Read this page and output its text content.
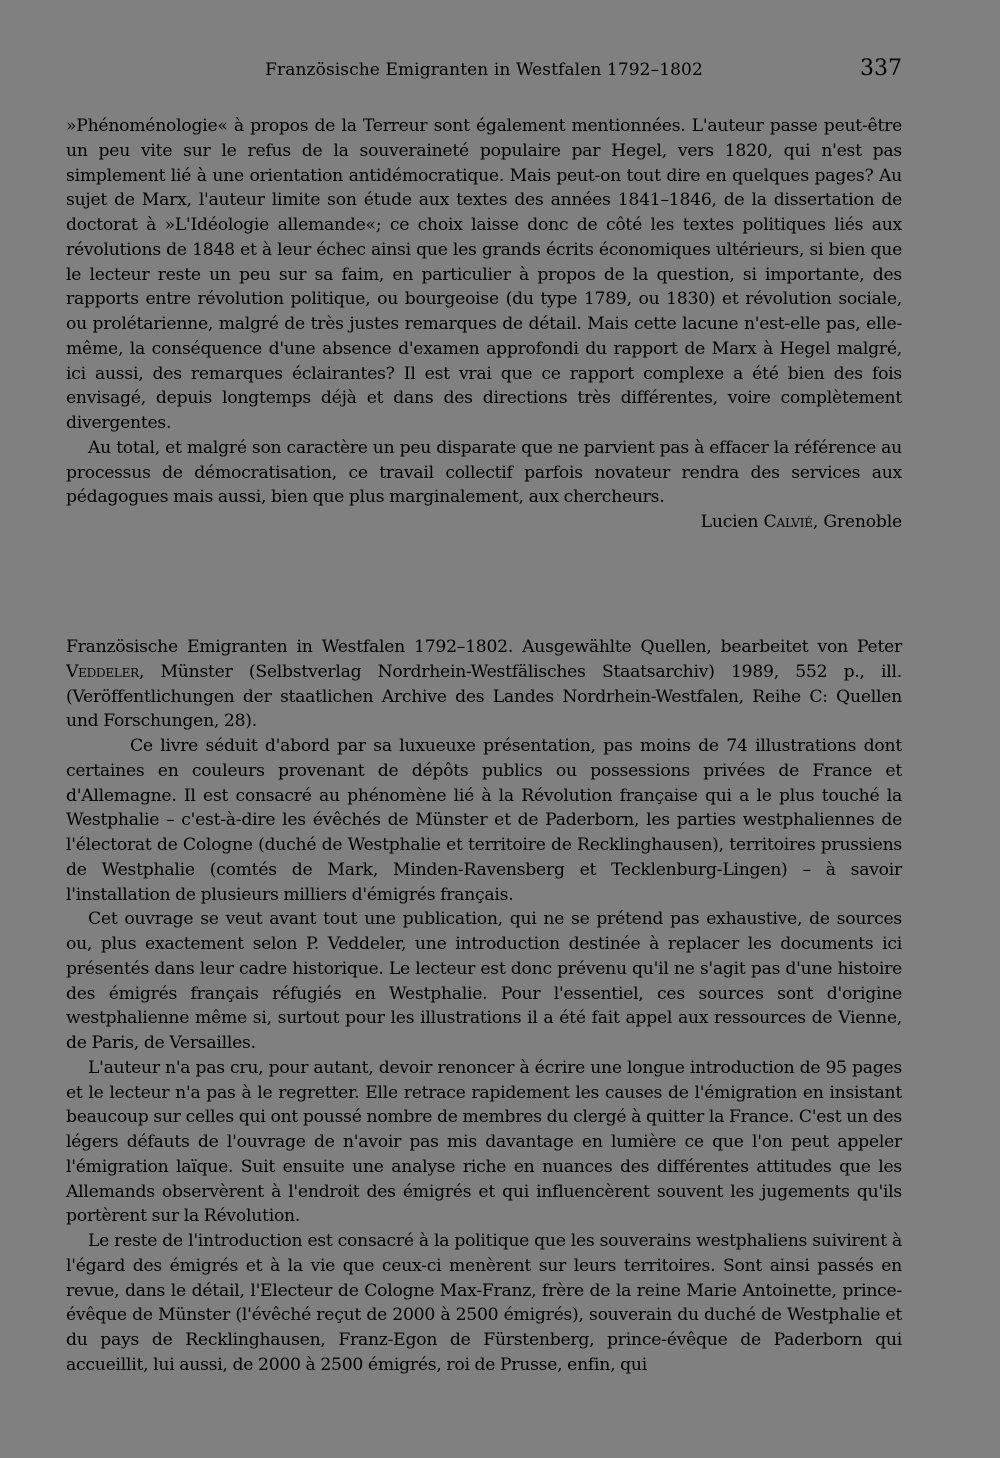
Französische Emigranten in Westfalen 1792–1802	337

»Phénoménologie« à propos de la Terreur sont également mentionnées. L'auteur passe peut-être un peu vite sur le refus de la souveraineté populaire par Hegel, vers 1820, qui n'est pas simplement lié à une orientation antidémocratique. Mais peut-on tout dire en quelques pages? Au sujet de Marx, l'auteur limite son étude aux textes des années 1841–1846, de la dissertation de doctorat à »L'Idéologie allemande«; ce choix laisse donc de côté les textes politiques liés aux révolutions de 1848 et à leur échec ainsi que les grands écrits économiques ultérieurs, si bien que le lecteur reste un peu sur sa faim, en particulier à propos de la question, si importante, des rapports entre révolution politique, ou bourgeoise (du type 1789, ou 1830) et révolution sociale, ou prolétarienne, malgré de très justes remarques de détail. Mais cette lacune n'est-elle pas, elle-même, la conséquence d'une absence d'examen approfondi du rapport de Marx à Hegel malgré, ici aussi, des remarques éclairantes? Il est vrai que ce rapport complexe a été bien des fois envisagé, depuis longtemps déjà et dans des directions très différentes, voire complètement divergentes.

Au total, et malgré son caractère un peu disparate que ne parvient pas à effacer la référence au processus de démocratisation, ce travail collectif parfois novateur rendra des services aux pédagogues mais aussi, bien que plus marginalement, aux chercheurs.

Lucien Calvié, Grenoble

Französische Emigranten in Westfalen 1792–1802. Ausgewählte Quellen, bearbeitet von Peter Veddeler, Münster (Selbstverlag Nordrhein-Westfälisches Staatsarchiv) 1989, 552 p., ill. (Veröffentlichungen der staatlichen Archive des Landes Nordrhein-Westfalen, Reihe C: Quellen und Forschungen, 28).

Ce livre séduit d'abord par sa luxueuxe présentation, pas moins de 74 illustrations dont certaines en couleurs provenant de dépôts publics ou possessions privées de France et d'Allemagne. Il est consacré au phénomène lié à la Révolution française qui a le plus touché la Westphalie – c'est-à-dire les évêchés de Münster et de Paderborn, les parties westphaliennes de l'électorat de Cologne (duché de Westphalie et territoire de Recklinghausen), territoires prussiens de Westphalie (comtés de Mark, Minden-Ravensberg et Tecklenburg-Lingen) – à savoir l'installation de plusieurs milliers d'émigrés français.

Cet ouvrage se veut avant tout une publication, qui ne se prétend pas exhaustive, de sources ou, plus exactement selon P. Veddeler, une introduction destinée à replacer les documents ici présentés dans leur cadre historique. Le lecteur est donc prévenu qu'il ne s'agit pas d'une histoire des émigrés français réfugiés en Westphalie. Pour l'essentiel, ces sources sont d'origine westphalienne même si, surtout pour les illustrations il a été fait appel aux ressources de Vienne, de Paris, de Versailles.

L'auteur n'a pas cru, pour autant, devoir renoncer à écrire une longue introduction de 95 pages et le lecteur n'a pas à le regretter. Elle retrace rapidement les causes de l'émigration en insistant beaucoup sur celles qui ont poussé nombre de membres du clergé à quitter la France. C'est un des légers défauts de l'ouvrage de n'avoir pas mis davantage en lumière ce que l'on peut appeler l'émigration laïque. Suit ensuite une analyse riche en nuances des différentes attitudes que les Allemands observèrent à l'endroit des émigrés et qui influencèrent souvent les jugements qu'ils portèrent sur la Révolution.

Le reste de l'introduction est consacré à la politique que les souverains westphaliens suivirent à l'égard des émigrés et à la vie que ceux-ci menèrent sur leurs territoires. Sont ainsi passés en revue, dans le détail, l'Electeur de Cologne Max-Franz, frère de la reine Marie Antoinette, prince-évêque de Münster (l'évêché reçut de 2000 à 2500 émigrés), souverain du duché de Westphalie et du pays de Recklinghausen, Franz-Egon de Fürstenberg, prince-évêque de Paderborn qui accueillit, lui aussi, de 2000 à 2500 émigrés, roi de Prusse, enfin, qui
